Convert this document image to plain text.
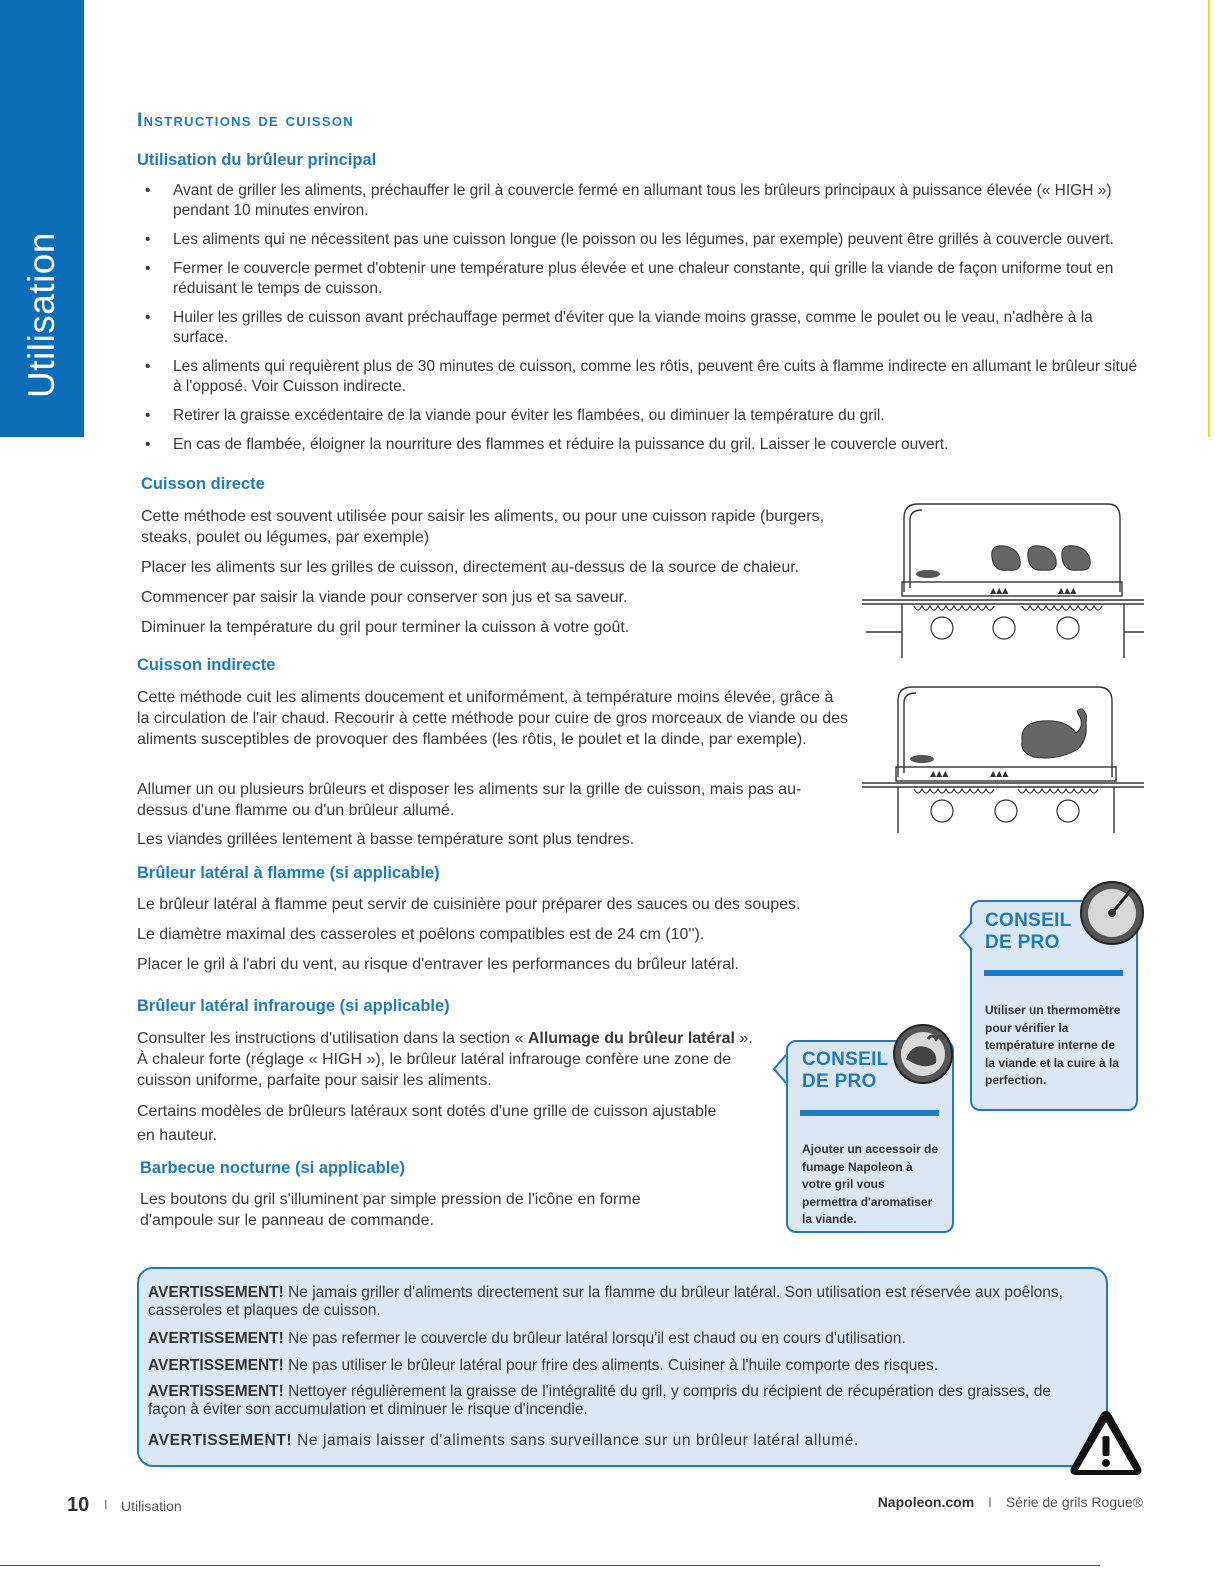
Utilisation
Instructions de cuisson
Utilisation du brûleur principal
• Avant de griller les aliments, préchauffer le gril à couvercle fermé en allumant tous les brûleurs principaux à puissance élevée (« HIGH ») pendant 10 minutes environ.
• Les aliments qui ne nécessitent pas une cuisson longue (le poisson ou les légumes, par exemple) peuvent être grillés à couvercle ouvert.
• Fermer le couvercle permet d'obtenir une température plus élevée et une chaleur constante, qui grille la viande de façon uniforme tout en réduisant le temps de cuisson.
• Huiler les grilles de cuisson avant préchauffage permet d'éviter que la viande moins grasse, comme le poulet ou le veau, n'adhère à la surface.
• Les aliments qui requièrent plus de 30 minutes de cuisson, comme les rôtis, peuvent êre cuits à flamme indirecte en allumant le brûleur situé à l'opposé. Voir Cuisson indirecte.
• Retirer la graisse excédentaire de la viande pour éviter les flambées, ou diminuer la température du gril.
• En cas de flambée, éloigner la nourriture des flammes et réduire la puissance du gril. Laisser le couvercle ouvert.
Cuisson directe

Cette méthode est souvent utilisée pour saisir les aliments, ou pour une cuisson rapide (burgers, steaks, poulet ou légumes, par exemple)

Placer les aliments sur les grilles de cuisson, directement au-dessus de la source de chaleur.

Commencer par saisir la viande pour conserver son jus et sa saveur.

Diminuer la température du gril pour terminer la cuisson à votre goût.

▲▲▲	▲▲▲
Cuisson indirecte

Cette méthode cuit les aliments doucement et uniformément, à température moins élevée, grâce à la circulation de l'air chaud. Recourir à cette méthode pour cuire de gros morceaux de viande ou des aliments susceptibles de provoquer des flambées (les rôtis, le poulet et la dinde, par exemple).

Allumer un ou plusieurs brûleurs et disposer les aliments sur la grille de cuisson, mais pas au-dessus d'une flamme ou d'un brûleur allumé.

Les viandes grillées lentement à basse température sont plus tendres.

▲▲▲	▲▲▲
Brûleur latéral à flamme (si applicable)

Le brûleur latéral à flamme peut servir de cuisinière pour préparer des sauces ou des soupes.

Le diamètre maximal des casseroles et poêlons compatibles est de 24 cm (10'').

Placer le gril à l'abri du vent, au risque d'entraver les performances du brûleur latéral.

Brûleur latéral infrarouge (si applicable)

Consulter les instructions d'utilisation dans la section « Allumage du brûleur latéral ». À chaleur forte (réglage « HIGH »), le brûleur latéral infrarouge confère une zone de cuisson uniforme, parfaite pour saisir les aliments.

Certains modèles de brûleurs latéraux sont dotés d'une grille de cuisson ajustable en hauteur.

Barbecue nocturne (si applicable)

Les boutons du gril s'illuminent par simple pression de l'icône en forme d'ampoule sur le panneau de commande.

CONSEIL
DE PRO

Utiliser un thermomètre pour vérifier la température interne de la viande et la cuire à la perfection.

CONSEIL
DE PRO

Ajouter un accessoir de fumage Napoleon à votre gril vous permettra d'aromatiser la viande.

AVERTISSEMENT! Ne jamais griller d'aliments directement sur la flamme du brûleur latéral. Son utilisation est réservée aux poêlons, casseroles et plaques de cuisson.

AVERTISSEMENT! Ne pas refermer le couvercle du brûleur latéral lorsqu'il est chaud ou en cours d'utilisation.

AVERTISSEMENT! Ne pas utiliser le brûleur latéral pour frire des aliments. Cuisiner à l'huile comporte des risques.

AVERTISSEMENT! Nettoyer régulièrement la graisse de l'intégralité du gril, y compris du récipient de récupération des graisses, de façon à éviter son accumulation et diminuer le risque d'incendie.

AVERTISSEMENT! Ne jamais laisser d'aliments sans surveillance sur un brûleur latéral allumé.

10 I Utilisation	Napoleon.com I Série de grils Rogue®
